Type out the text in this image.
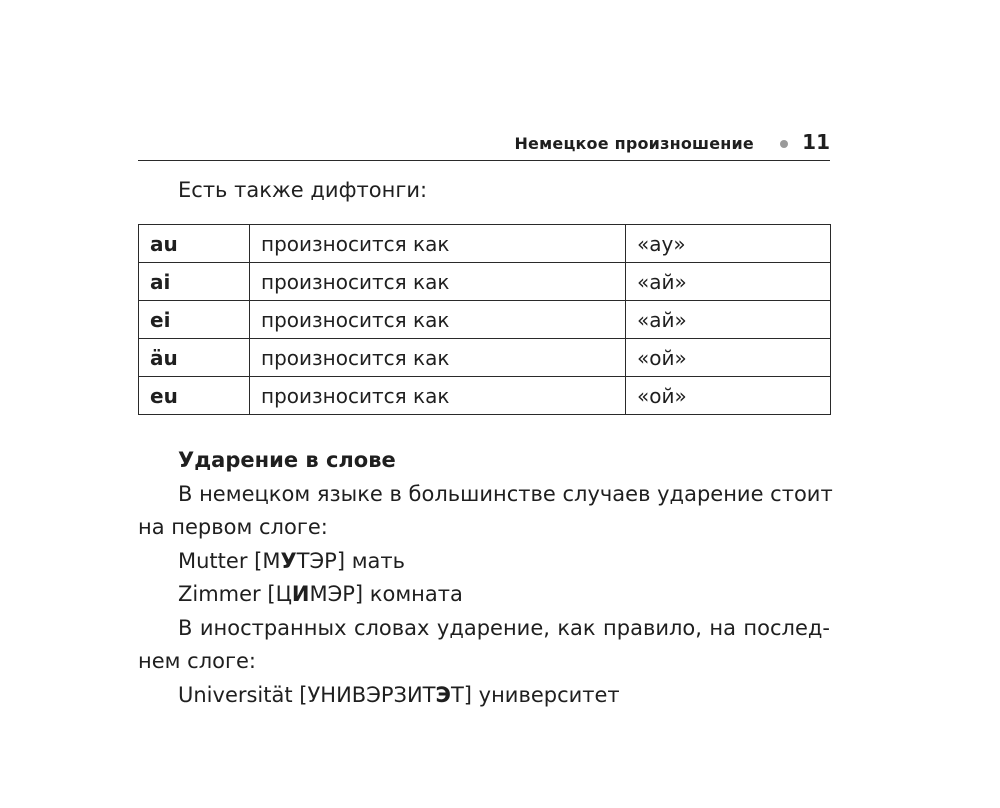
Немецкое произношение 11
Есть также дифтонги:
au	произносится как	«ау»
ai	произносится как	«ай»
ei	произносится как	«ай»
äu	произносится как	«ой»
eu	произносится как	«ой»
Ударение в слове
В немецком языке в большинстве случаев ударение стоит
на первом слоге:
Mutter [МУТЭР] мать
Zimmer [ЦИМЭР] комната
В иностранных словах ударение, как правило, на послед-
нем слоге:
Universität [УНИВЭРЗИТЭТ] университет
